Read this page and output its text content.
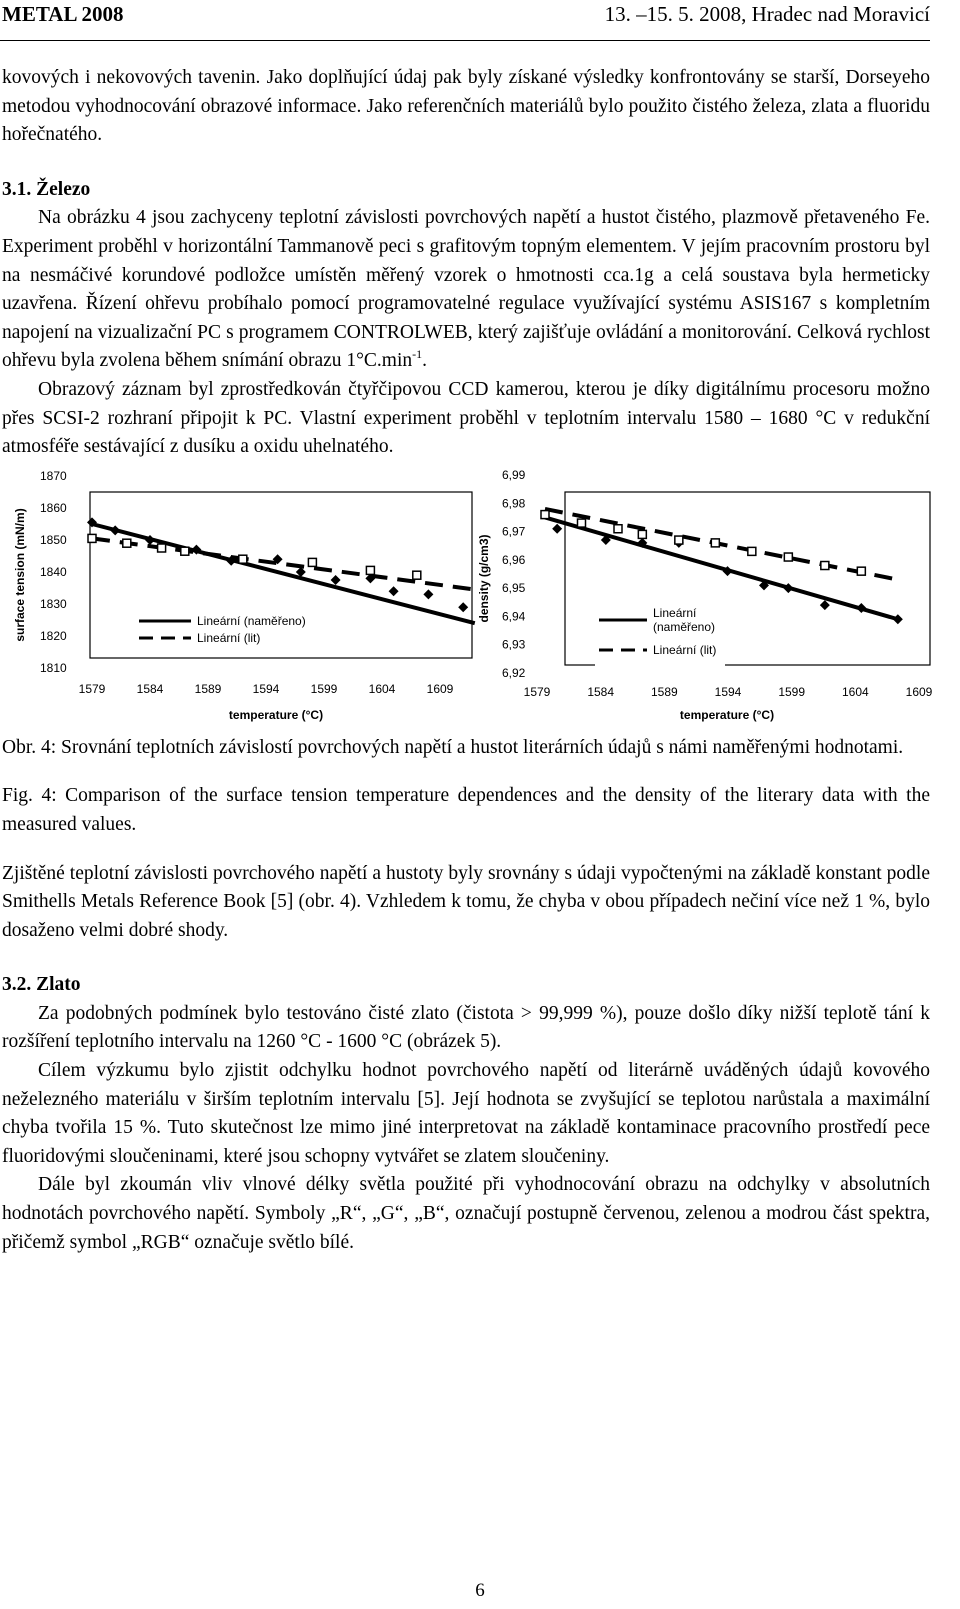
METAL 2008	13. –15. 5. 2008, Hradec nad Moravicí

kovových i nekovových tavenin. Jako doplňující údaj pak byly získané výsledky konfrontovány se starší, Dorseyeho metodou vyhodnocování obrazové informace. Jako referenčních materiálů bylo použito čistého železa, zlata a fluoridu hořečnatého.

3.1. Železo

Na obrázku 4 jsou zachyceny teplotní závislosti povrchových napětí a hustot čistého, plazmově přetaveného Fe. Experiment proběhl v horizontální Tammanově peci s grafitovým topným elementem. V jejím pracovním prostoru byl na nesmáčivé korundové podložce umístěn měřený vzorek o hmotnosti cca.1g a celá soustava byla hermeticky uzavřena. Řízení ohřevu probíhalo pomocí programovatelné regulace využívající systému ASIS167 s kompletním napojení na vizualizační PC s programem CONTROLWEB, který zajišťuje ovládání a monitorování. Celková rychlost ohřevu byla zvolena během snímání obrazu $1^\circ C.\min^{-1}$.

Obrazový záznam byl zprostředkován čtyřčipovou CCD kamerou, kterou je díky digitálnímu procesoru možno přes SCSI-2 rozhraní připojit k PC. Vlastní experiment proběhl v teplotním intervalu 1580 – 1680 °C v redukční atmosféře sestávající z dusíku a oxidu uhelnatého.

surface tension (mN/m)
1870
1860
1850
1840
1830
1820
1810
1579	1584	1589	1594	1599	1604	1609
temperature (°C)
Lineární (naměřeno)
Lineární (lit)
density (g/cm3)
6,99
6,98
6,97
6,96
6,95
6,94
6,93
6,92
1579	1584	1589	1594	1599	1604	1609
temperature (°C)
Lineární
(naměřeno)
Lineární (lit)

Obr. 4: Srovnání teplotních závislostí povrchových napětí a hustot literárních údajů s námi naměřenými hodnotami.

Fig. 4: Comparison of the surface tension temperature dependences and the density of the literary data with the measured values.

Zjištěné teplotní závislosti povrchového napětí a hustoty byly srovnány s údaji vypočtenými na základě konstant podle Smithells Metals Reference Book [5] (obr. 4). Vzhledem k tomu, že chyba v obou případech nečiní více než 1 %, bylo dosaženo velmi dobré shody.

3.2. Zlato

Za podobných podmínek bylo testováno čisté zlato (čistota > 99,999 %), pouze došlo díky nižší teplotě tání k rozšíření teplotního intervalu na 1260 °C - 1600 °C (obrázek 5).

Cílem výzkumu bylo zjistit odchylku hodnot povrchového napětí od literárně uváděných údajů kovového neželezného materiálu v širším teplotním intervalu [5]. Její hodnota se zvyšující se teplotou narůstala a maximální chyba tvořila 15 %. Tuto skutečnost lze mimo jiné interpretovat na základě kontaminace pracovního prostředí pece fluoridovými sloučeninami, které jsou schopny vytvářet se zlatem sloučeniny.

Dále byl zkoumán vliv vlnové délky světla použité při vyhodnocování obrazu na odchylky v absolutních hodnotách povrchového napětí. Symboly „R“, „G“, „B“, označují postupně červenou, zelenou a modrou část spektra, přičemž symbol „RGB“ označuje světlo bílé.

6
